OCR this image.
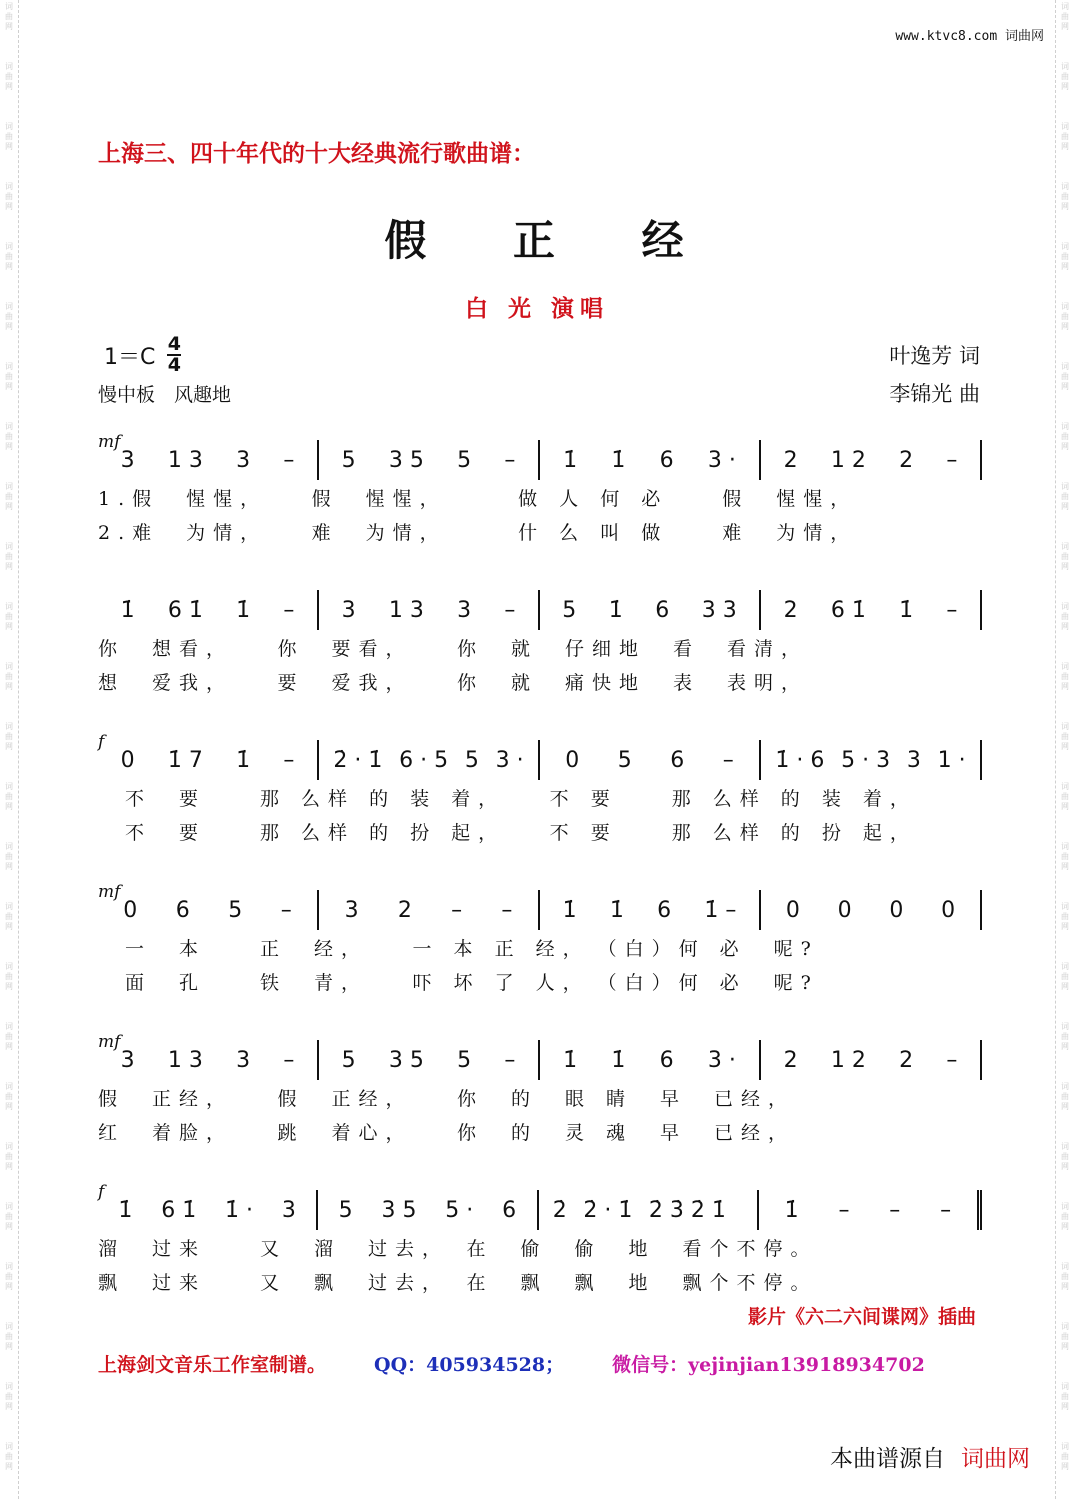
词曲网
词曲网
词曲网
词曲网
词曲网
词曲网
词曲网
词曲网
词曲网
词曲网
词曲网
词曲网
词曲网
词曲网
词曲网
词曲网
词曲网
词曲网
词曲网
词曲网
词曲网
词曲网
词曲网
词曲网
词曲网
词曲网
词曲网
词曲网
词曲网
词曲网
词曲网
词曲网
词曲网
词曲网
词曲网
词曲网
词曲网
词曲网
词曲网
词曲网
词曲网
词曲网
词曲网
词曲网
词曲网
词曲网
词曲网
词曲网
词曲网
词曲网
www.ktvc8.com 词曲网
上海三、四十年代的十大经典流行歌曲谱：
假 正 经
白 光 演唱
$1=C \frac{4}{4}$
慢中板　风趣地
叶逸芳 词
李锦光 曲
mf
3 1 3 3 – 5 3 5 5 – 1̇ 1̇ 6 3 · 2 1 2 2 –
1.假　惺惺，　　假　惺惺，　　　做 人 何 必　　假　惺惺，
2.难　为情，　　难　为情，　　　什 么 叫 做　　难　为情，
1̇ 6 1̇ 1̇ – 3 1 3 3 – 5 1̇ 6 3 3 2 6 1̇ 1̇ –
你　想看，　　你　要看，　　你　就　仔细地　看　看清，
想　爱我，　　要　爱我，　　你　就　痛快地　表　表明，
f
0 1̇ 7 1̇ – 2̇ · 1̇ 6 · 5 5 3 · 0 5 6 – 1̇ · 6 5 · 3 3 1 ·
　不　要　　那 么样 的 装 着，　　不 要　　那 么样 的 装 着，
　不　要　　那 么样 的 扮 起，　　不 要　　那 么样 的 扮 起，
mf
0 6 5 – 3 2 – – 1̇ 1̇ 6 1̇ – 0 0 0 0
　一　本　　正　经，　　一 本 正 经，　（白）何 必　呢?
　面　孔　　铁　青，　　吓 坏 了 人，　（白）何 必　呢?
mf
3 1 3 3 – 5 3 5 5 – 1̇ 1̇ 6 3 · 2 1 2 2 –
假　正经，　　假　正经，　　你　的　眼 睛　早　已经，
红　着脸，　　跳　着心，　　你　的　灵 魂　早　已经，
f
1̇ 6 1̇ 1̇ · 3 5 3 5 5 · 6 2̇ 2̇ · 1̇ 2̇ 3̇ 2̇ 1̇	1̇ – – –
溜　过来　　又　溜　过去，　在　偷　偷　地　看个不停。
飘　过来　　又　飘　过去，　在　飘　飘　地　飘个不停。
影片《六二六间谍网》插曲
上海剑文音乐工作室制谱。	QQ：405934528；	微信号：yejinjian13918934702
本曲谱源自 词曲网
